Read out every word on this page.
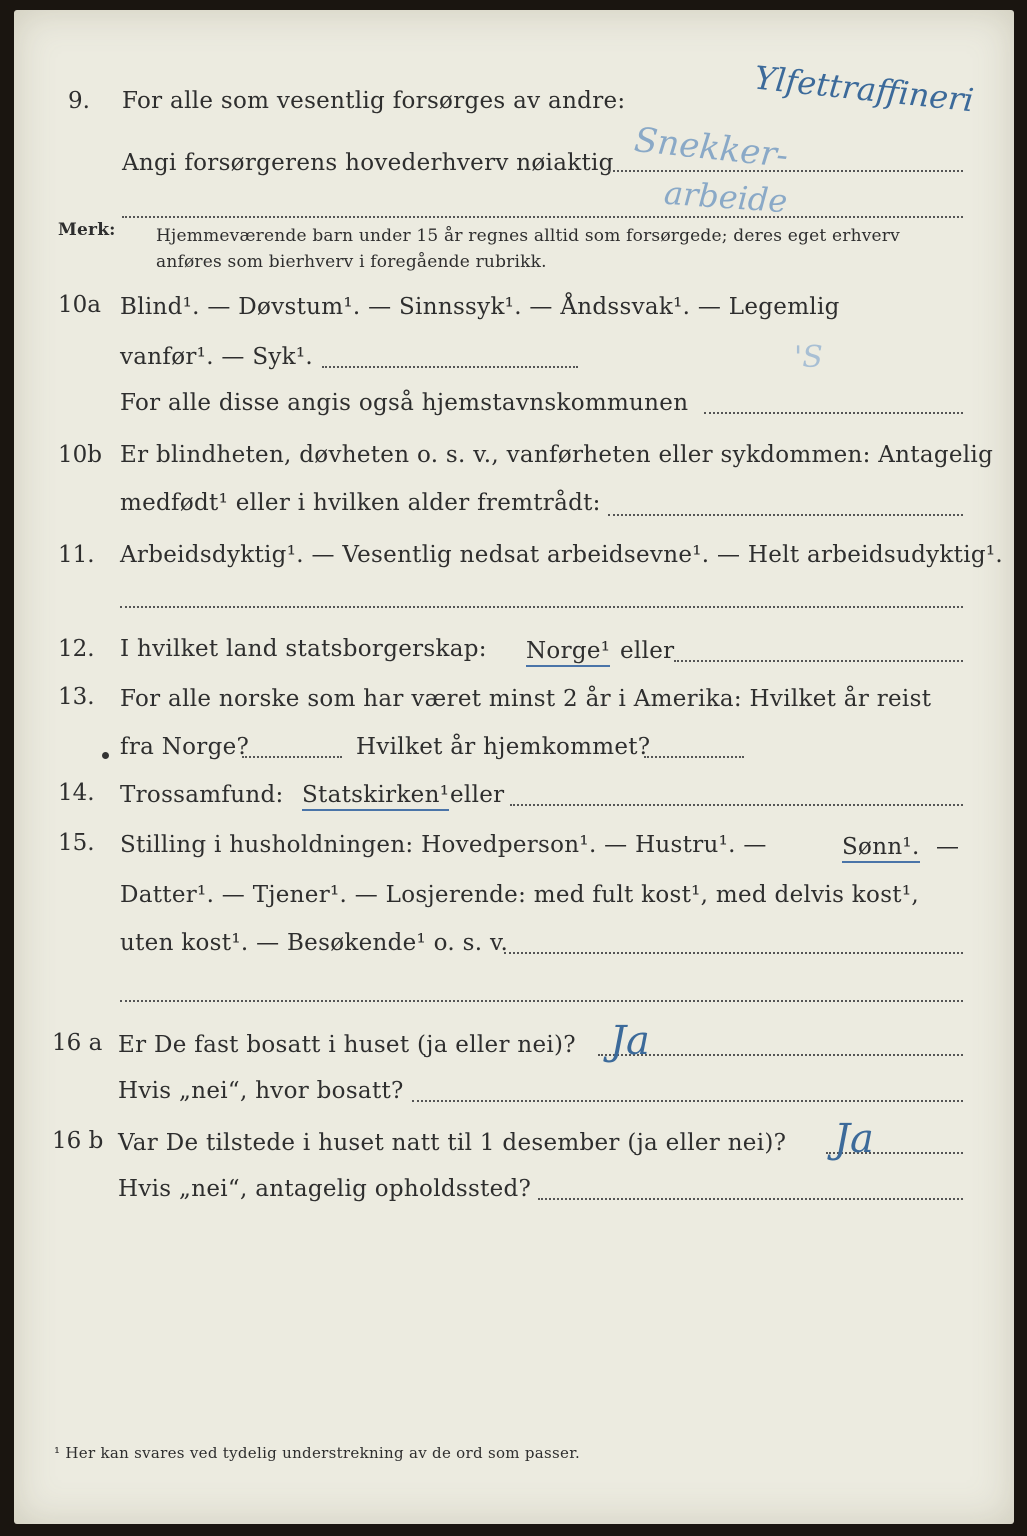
9. For alle som vesentlig forsørges av andre:	Ylfettraffineri
Angi forsørgerens hovederhverv nøiaktig Snekker-
arbeide
Merk: Hjemmeværende barn under 15 år regnes alltid som forsørgede; deres eget erhverv
anføres som bierhverv i foregående rubrikk.
10a Blind¹. — Døvstum¹. — Sinnssyk¹. — Åndssvak¹. — Legemlig
vanfør¹. — Syk¹.	'S
For alle disse angis også hjemstavnskommunen
10b Er blindheten, døvheten o. s. v., vanførheten eller sykdommen: Antagelig
medfødt¹ eller i hvilken alder fremtrådt:
11. Arbeidsdyktig¹. — Vesentlig nedsat arbeidsevne¹. — Helt arbeidsudyktig¹.
12. I hvilket land statsborgerskap: Norge¹ eller
13. For alle norske som har været minst 2 år i Amerika: Hvilket år reist
fra Norge?	Hvilket år hjemkommet?
14. Trossamfund: Statskirken¹ eller
15. Stilling i husholdningen: Hovedperson¹. — Hustru¹. —	Sønn¹. —
Datter¹. — Tjener¹. — Losjerende: med fult kost¹, med delvis kost¹,
uten kost¹. — Besøkende¹ o. s. v.
16 a Er De fast bosatt i huset (ja eller nei)? Ja
Hvis „nei“, hvor bosatt?
16 b Var De tilstede i huset natt til 1 desember (ja eller nei)? Ja
Hvis „nei“, antagelig opholdssted?
¹ Her kan svares ved tydelig understrekning av de ord som passer.
